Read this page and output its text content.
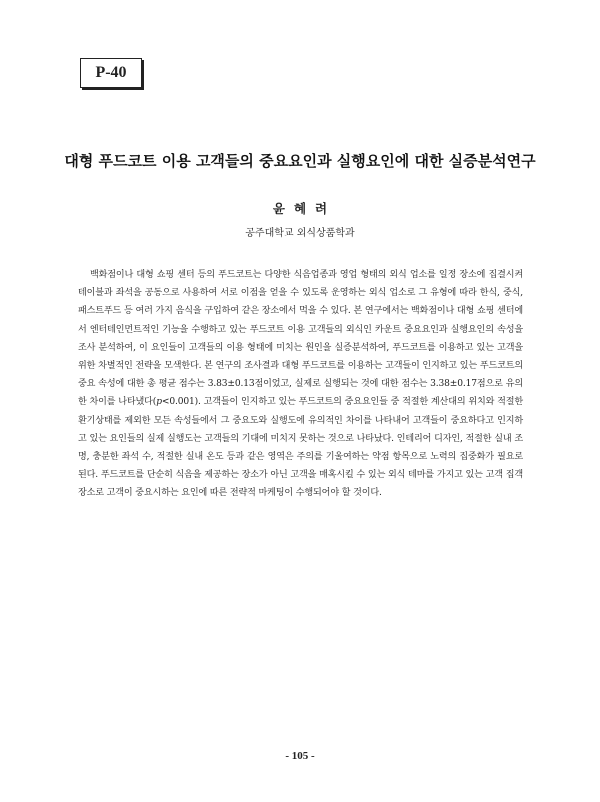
P-40
대형 푸드코트 이용 고객들의 중요요인과 실행요인에 대한 실증분석연구
윤혜려
공주대학교 외식상품학과

백화점이나 대형 쇼핑 센터 등의 푸드코트는 다양한 식음업종과 영업 형태의 외식 업소를 일정 장소에 집결시켜 테이블과 좌석을 공동으로 사용하여 서로 이점을 얻을 수 있도록 운영하는 외식 업소로 그 유형에 따라 한식, 중식, 패스트푸드 등 여러 가지 음식을 구입하여 같은 장소에서 먹을 수 있다. 본 연구에서는 백화점이나 대형 쇼핑 센터에서 엔터테인먼트적인 기능을 수행하고 있는 푸드코트 이용 고객들의 외식인 카운트 중요요인과 실행요인의 속성을 조사 분석하여, 이 요인들이 고객들의 이용 형태에 미치는 원인을 실증분석하여, 푸드코트를 이용하고 있는 고객을 위한 차별적인 전략을 모색한다. 본 연구의 조사결과 대형 푸드코트를 이용하는 고객들이 인지하고 있는 푸드코트의 중요 속성에 대한 총 평균 점수는 3.83±0.13점이었고, 실제로 실행되는 것에 대한 점수는 3.38±0.17점으로 유의한 차이를 나타냈다(p<0.001). 고객들이 인지하고 있는 푸드코트의 중요요인들 중 적절한 계산대의 위치와 적절한 환기상태를 제외한 모든 속성들에서 그 중요도와 실행도에 유의적인 차이를 나타내어 고객들이 중요하다고 인지하고 있는 요인들의 실제 실행도는 고객들의 기대에 미치지 못하는 것으로 나타났다. 인테리어 디자인, 적절한 실내 조명, 충분한 좌석 수, 적절한 실내 온도 등과 같은 영역은 주의를 기울여하는 약점 항목으로 노력의 집중화가 필요로 된다. 푸드코트를 단순히 식음을 제공하는 장소가 아닌 고객을 매혹시킬 수 있는 외식 테마를 가지고 있는 고객 집객 장소로 고객이 중요시하는 요인에 따른 전략적 마케팅이 수행되어야 할 것이다.

- 105 -
